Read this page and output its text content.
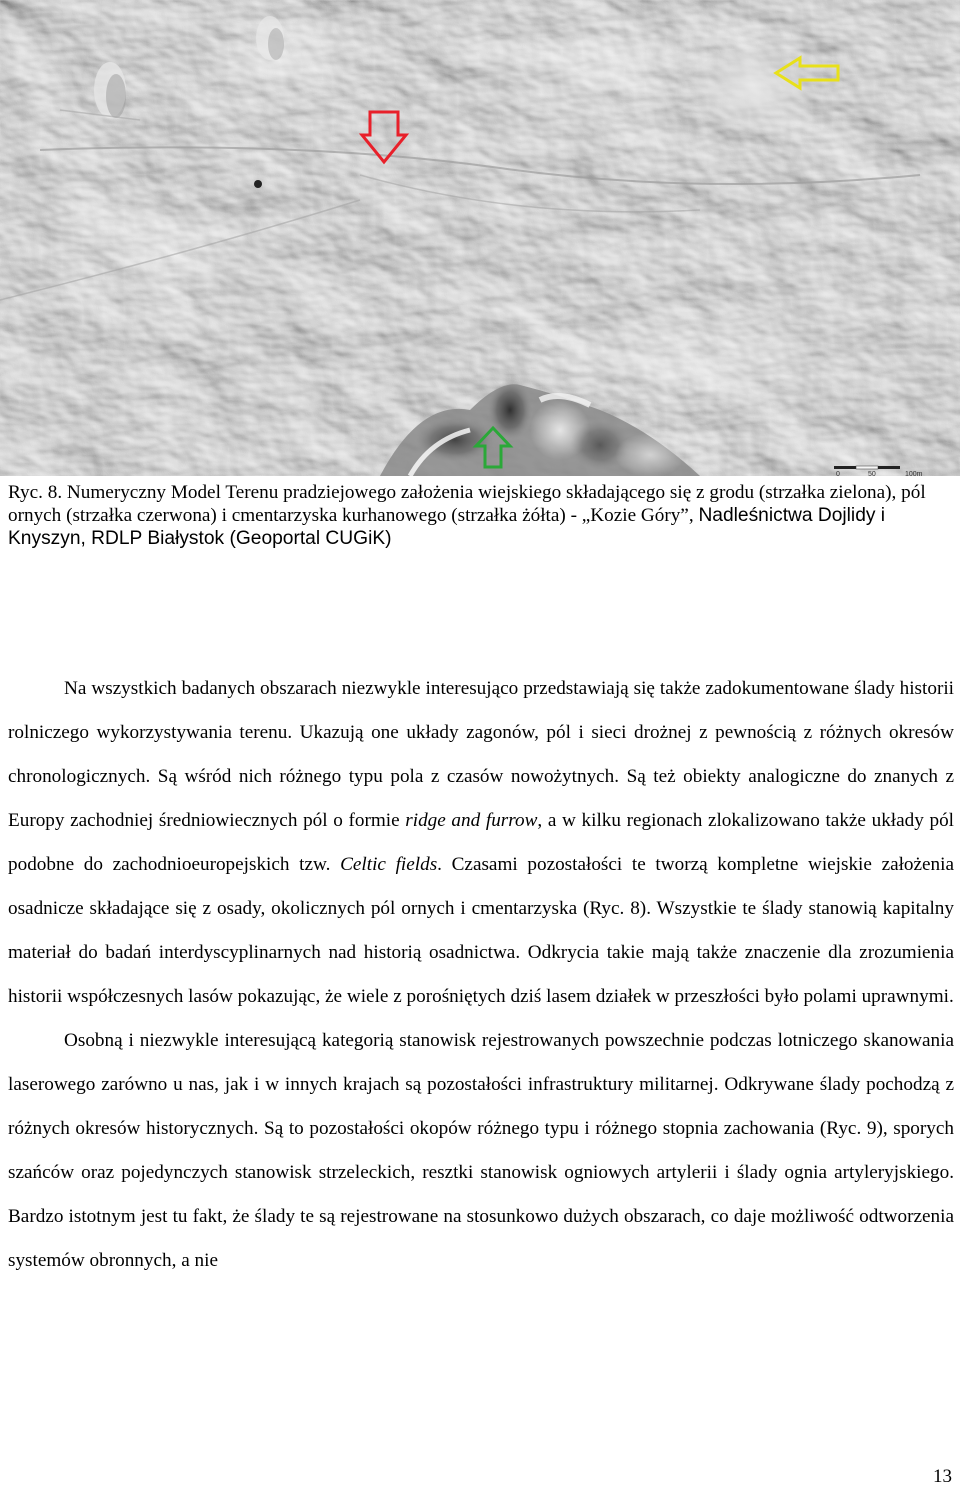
0	50	100m

Ryc. 8. Numeryczny Model Terenu pradziejowego założenia wiejskiego składającego się z grodu (strzałka zielona), pól ornych (strzałka czerwona) i cmentarzyska kurhanowego (strzałka żółta) - „Kozie Góry”, Nadleśnictwa Dojlidy i Knyszyn, RDLP Białystok (Geoportal CUGiK)

Na wszystkich badanych obszarach niezwykle interesująco przedstawiają się także zadokumentowane ślady historii rolniczego wykorzystywania terenu. Ukazują one układy zagonów, pól i sieci drożnej z pewnością z różnych okresów chronologicznych. Są wśród nich różnego typu pola z czasów nowożytnych. Są też obiekty analogiczne do znanych z Europy zachodniej średniowiecznych pól o formie ridge and furrow, a w kilku regionach zlokalizowano także układy pól podobne do zachodnioeuropejskich tzw. Celtic fields. Czasami pozostałości te tworzą kompletne wiejskie założenia osadnicze składające się z osady, okolicznych pól ornych i cmentarzyska (Ryc. 8). Wszystkie te ślady stanowią kapitalny materiał do badań interdyscyplinarnych nad historią osadnictwa. Odkrycia takie mają także znaczenie dla zrozumienia historii współczesnych lasów pokazując, że wiele z porośniętych dziś lasem działek w przeszłości było polami uprawnymi.

Osobną i niezwykle interesującą kategorią stanowisk rejestrowanych powszechnie podczas lotniczego skanowania laserowego zarówno u nas, jak i w innych krajach są pozostałości infrastruktury militarnej. Odkrywane ślady pochodzą z różnych okresów historycznych. Są to pozostałości okopów różnego typu i różnego stopnia zachowania (Ryc. 9), sporych szańców oraz pojedynczych stanowisk strzeleckich, resztki stanowisk ogniowych artylerii i ślady ognia artyleryjskiego. Bardzo istotnym jest tu fakt, że ślady te są rejestrowane na stosunkowo dużych obszarach, co daje możliwość odtworzenia systemów obronnych, a nie

13
